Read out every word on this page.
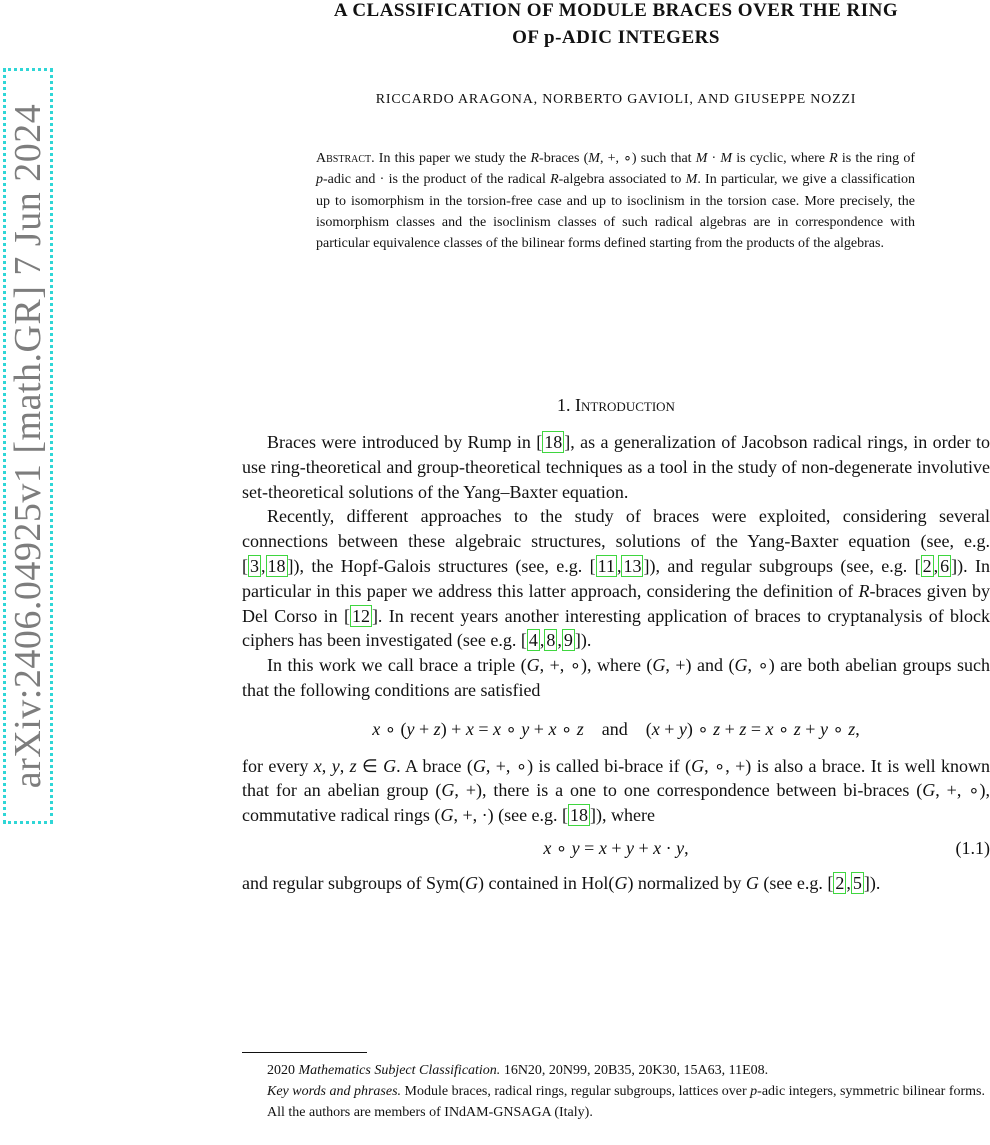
arXiv:2406.04925v1 [math.GR] 7 Jun 2024
A CLASSIFICATION OF MODULE BRACES OVER THE RING
OF p-ADIC INTEGERS
RICCARDO ARAGONA, NORBERTO GAVIOLI, AND GIUSEPPE NOZZI
Abstract. In this paper we study the R-braces (M, +, ∘) such that M · M is cyclic, where R is the ring of p-adic and · is the product of the radical R-algebra associated to M. In particular, we give a classification up to isomorphism in the torsion-free case and up to isoclinism in the torsion case. More precisely, the isomorphism classes and the isoclinism classes of such radical algebras are in correspondence with particular equivalence classes of the bilinear forms defined starting from the products of the algebras.
1. Introduction

Braces were introduced by Rump in [ 18 ], as a generalization of Jacobson radical rings, in order to use ring-theoretical and group-theoretical techniques as a tool in the study of non-degenerate involutive set-theoretical solutions of the Yang–Baxter equation.

Recently, different approaches to the study of braces were exploited, considering several connections between these algebraic structures, solutions of the Yang-Baxter equation (see, e.g. [ 3 , 18 ]), the Hopf-Galois structures (see, e.g. [ 11 , 13 ]), and regular subgroups (see, e.g. [ 2 , 6 ]). In particular in this paper we address this latter approach, considering the definition of R-braces given by Del Corso in [ 12 ]. In recent years another interesting application of braces to cryptanalysis of block ciphers has been investigated (see e.g. [ 4 , 8 , 9 ]).

In this work we call brace a triple (G, +, ∘), where (G, +) and (G, ∘) are both abelian groups such that the following conditions are satisfied

x ∘ (y + z) + x = x ∘ y + x ∘ z    and    (x + y) ∘ z + z = x ∘ z + y ∘ z,

for every x, y, z ∈ G. A brace (G, +, ∘) is called bi-brace if (G, ∘, +) is also a brace. It is well known that for an abelian group (G, +), there is a one to one correspondence between bi-braces (G, +, ∘), commutative radical rings (G, +, ·) (see e.g. [ 18 ]), where

x ∘ y = x + y + x · y,	(1.1)

and regular subgroups of Sym(G) contained in Hol(G) normalized by G (see e.g. [ 2 , 5 ]).

2020 Mathematics Subject Classification. 16N20, 20N99, 20B35, 20K30, 15A63, 11E08.

Key words and phrases. Module braces, radical rings, regular subgroups, lattices over p-adic integers, symmetric bilinear forms.

All the authors are members of INdAM-GNSAGA (Italy).
